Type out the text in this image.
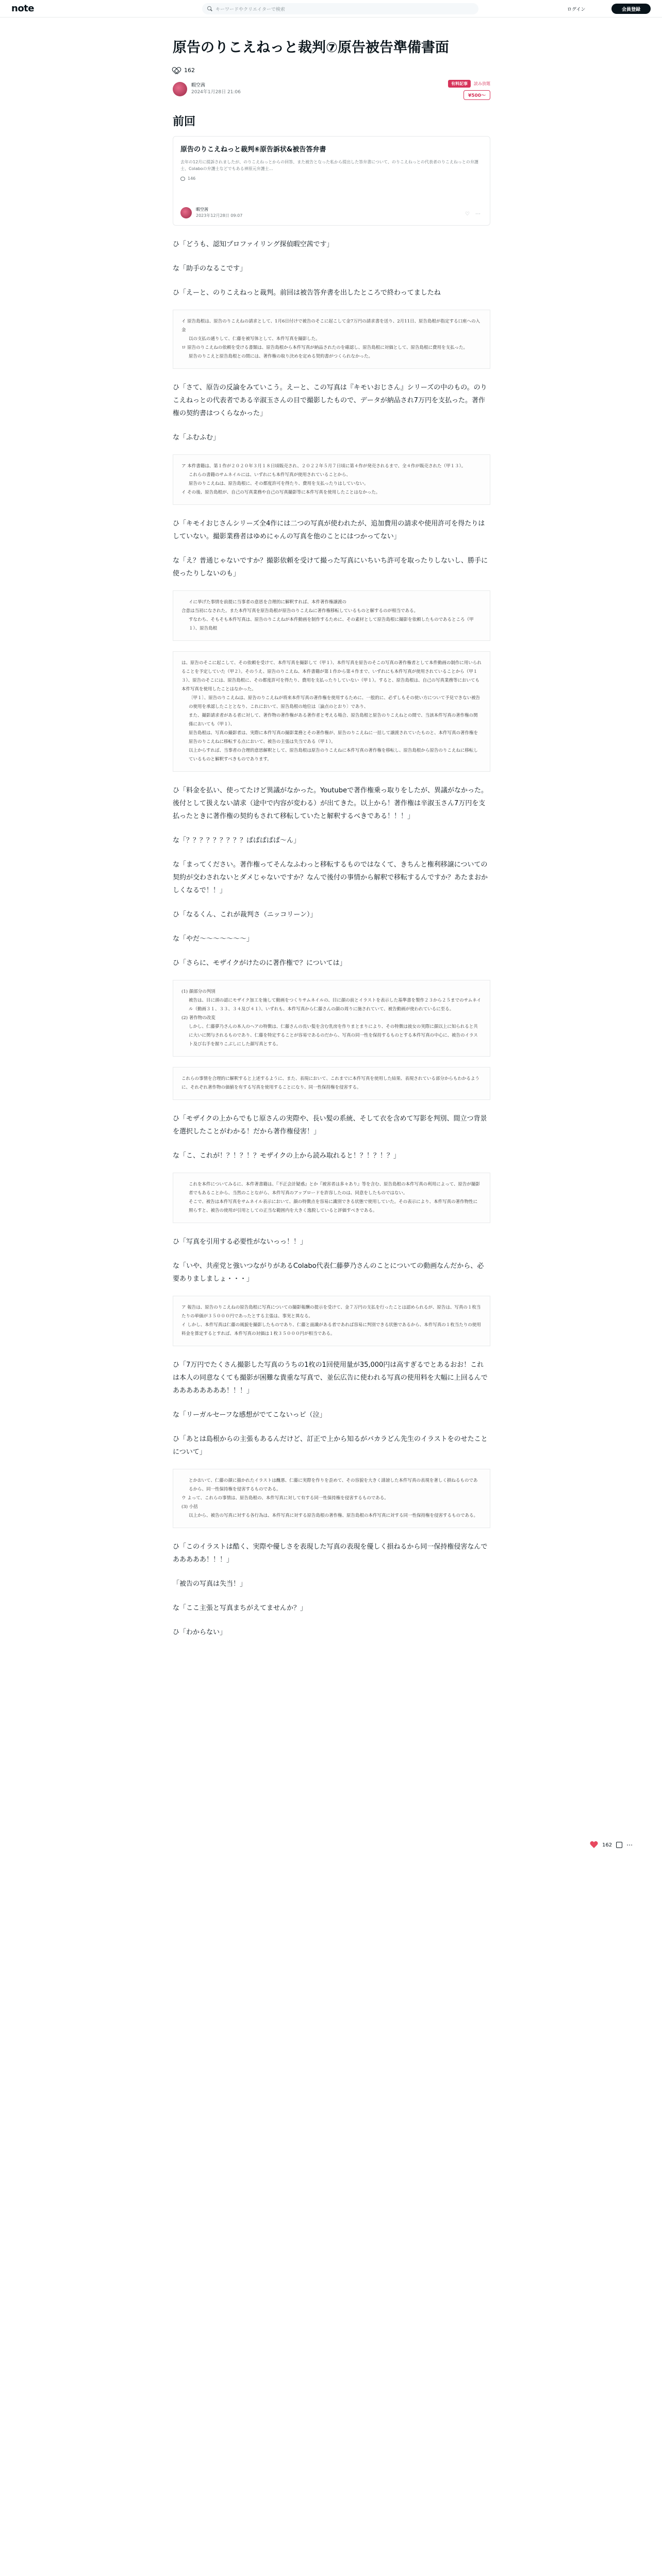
note	キーワードやクリエイターで検索	ログイン	会員登録
原告のりこえねっと裁判⑦原告被告準備書面
162
暇空茜
2024年1月28日 21:06
有料記事	読み放題
¥500〜
前回
原告のりこえねっと裁判⑥原告訴状&被告答弁書
去年の12月に提訴されましたが、のりこえねっとからの回答、また被告となった私から提出した答弁書について、のりこえねっとの代表者のりこえねっとの弁護士、Colaboの弁護士などでもある神原元弁護士…
146
暇空茜
2023年12月28日 09:07	♡ ⋯

ひ「どうも、認知プロファイリング探偵暇空茜です」

な「助手のなるこです」

ひ「えーと、のりこえねっと裁判。前回は被告答弁書を出したところで終わってましたね

イ 原告島根は、原告のりこえねの請求として、1月6日付けで被告のそこに起こして金7万円の請求書を送り、2月11日、原告島根が指定する口座への入金
以の支払の通りして、仁藤を被写体として、本件写真を撮影した。
ロ 原告のりこえねの依頼を受ける書類は、原告島根から本件写真が納品されたのを確認し、原告島根に対価として、原告島根に費用を支払った。
原告のりこえと原告島根との間には、著作権の取り決めを定める契約書がつくられなかった。

ひ「さて、原告の反論をみていこう。えーと、この写真は『キモいおじさん』シリーズの中のもの。のりこえねっとの代表者である辛淑玉さんの目で撮影したもので、データが納品され7万円を支払った。著作権の契約書はつくらなかった」

な「ふむふむ」

ア 本件書籍は、第１作が２０２０年３月１８日頃販売され、２０２２年５月７日頃に第４作が発売されるまで、全４作が販売された（甲１３）。
これらの書籍のサムネイルには、いずれにも本件写真が使用されていることから、
原告のりこえねは、原告島根に、その都度許可を得たり、費用を支払ったりはしていない。
イ その後、原告島根が、自己の写真業務や自己の写真撮影等に本件写真を使用したことはなかった。

ひ「キモイおじさんシリーズ全4作には二つの写真が使われたが、追加費用の請求や使用許可を得たりはしていない。撮影業務者はゆめにゃんの写真を他のことにはつかってない」

な「え？普通じゃないですか？撮影依頼を受けて撮った写真にいちいち許可を取ったりしないし、勝手に使ったりしないのも」

イに挙げた事情を前提に当事者の意思を合理的に解釈すれば、本件著作権譲渡の
合意は当初になされた。また本件写真を原告島根が原告のりこえねに著作権移転しているものと解するのが相当である。
すなわち、そもそも本件写真は、原告のりこえねが本件動画を制作するために、その素材として原告島根に撮影を依頼したものであるところ（甲１）、原告島根
は、原告のそこに起こして、その依頼を受けて、本件写真を撮影して（甲１）、本件写真を原告のそこの写真の著作権者として本件動画の制作に用いられることを予定していた（甲２）。そのうえ、原告のりこえね、本件書籍が第１作から第４作まで、いずれにも本件写真が使用されていることから（甲１３）、原告のそこには、原告島根に、その都度許可を得たり、費用を支払ったりしていない（甲１）。すると、原告島根は、自己の写真業務等においても本件写真を使用したことはなかった。
〔甲１〕、原告のりこえねは、原告のりこえねが将来本件写真の著作権を使用するために、一般的に、必ずしもその使い方について予見できない被告の使用を承認したこととなり、これにおいて、原告島根の地位は〔論点のとおり〕であり、
また、撮影請求者がある者に対して、著作物の著作権がある著作者と考える場合、原告島根と原告のりこえねとの間で、当該本件写真の著作権の関係においても（甲１）、
原告島根は、写真の撮影者は、実際に本件写真の撮影業務とその著作権が、原告のりこえねに一括して譲渡されていたものと、本件写真の著作権を原告のりこえねに移転する点において、被告の主張は失当である（甲１）。
以上からすれば、当事者の合理的意思解釈として、原告島根は原告のりこえねに本件写真の著作権を移転し、原告島根から原告のりこえねに移転しているものと解釈すべきものであります。

ひ「料金を払い、使ってたけど異議がなかった。Youtubeで著作権乗っ取りをしたが、異議がなかった。後付として扱えない請求（途中で内容が変わる）が出てきた。以上から！著作権は辛淑玉さん7万円を支払ったときに著作権の契約もされて移転していたと解釈するべきである！！！」

な「？？？？？？？？？ぱぱぱぱぱ〜ん」

な「まってください。著作権ってそんなふわっと移転するものではなくて、きちんと権利移譲についての契約が交わされないとダメじゃないですか？なんで後付の事情から解釈で移転するんですか？あたまおかしくなるで！！」

ひ「なるくん、これが裁判さ（ニッコリーン）」

な「やだ〜〜〜〜〜〜〜」

ひ「さらに、モザイクがけたのに著作権で？については」

(1) 顔部分の判別
被告は、目に頭の認にモザイク加工を施して動画をつくりサムネイルの、目に顔の前とイラストを表示した基準書を製作２３から２５までのサムネイル（動画３１、３３、３４及び４１）、いずれも、本件写真から仁藤さんの顔の周りに施されていて、被告動画が使われているに至る。
(2) 著作物の改変
しかし、仁藤夢乃さんの本人のヘアの特徴は、仁藤さんの長い髪を含む乳房を作りまとまりにより、その特徴は彼女の実際に顔以上に知られると共に大いに関与されるものであり、仁藤を特定することが容易であるのだから、写真の同一性を保持するものとする本件写真の中心に、被告のイラスト及び右手を握りこぶしにした顔写真とする。
これらの事情を合理的に解釈すると上述するように、また、表現において、これまでに本件写真を使用した結果、表現されている部分からもわかるように、それぞれ著作物の価値を有する写真を使用することになり、同一性保持権を侵害する。

ひ「モザイクの上からでもじ原さんの実際や、長い髪の系統、そして衣を含めて写影を判別、間立つ背景を選択したことがわかる！だから著作権侵害！」

な「こ、これが！？！？！？モザイクの上から読み取れると！？！？！？」

これを本件についてみるに、本件著書籍は、『不正会計疑惑』とか『被害者は多々あり』等を含む、原告島根の本件写真の利用によって、原告が撮影者でもあることから、当然のことながら、本件写真のアップロードを許容したのは、同意をしたものではない。
そこで、被告は本件写真をサムネイル表示において、顔の特徴点を容易に識別できる状態で使用していた。その表示により、本件写真の著作物性に照らすと、被告の使用が引用としての正当な範囲内を大きく逸脱していると評価すべきである。

ひ「写真を引用する必要性がないっっ！！」

な「いや、共産党と強いつながりがあるColabo代表仁藤夢乃さんのことについての動画なんだから、必要ありましましょ・・・」

ア 報告は、原告のりこえねの原告島根に写真についての撮影報酬の提示を受けて、金７万円の支払を行ったことは認められるが、原告は、写真の１枚当たりの単価が３５０００円であったとする主張は、事実と異なる。
イ しかし、本件写真は仁藤の風貌を撮影したものであり、仁藤と面識がある者であれば容易に判別できる状態であるから、本件写真の１枚当たりの使用料金を算定するとすれば、本件写真の対価は１枚３５０００円が相当である。

ひ「7万円でたくさん撮影した写真のうちの1枚の1回使用量が35,000円は高すぎるでとあるおお！これは本人の同意なくても撮影が困難な貴重な写真で、並伝広告に使われる写真の使用料を大幅に上回るんでああああああああ！！！」

な「リーガルセーフな感想がでてこないっピ（泣」

ひ「あとは島根からの主張もあるんだけど、訂正で上から知るがバカラどん先生のイラストをのせたことについて」

とかおいて、仁藤の顔に描かれたイラストは醜悪、仁藤に実際を作りを歪めて、その容貌を大きく誹謗した本件写真の表現を著しく損ねるものであるから、同一性保持権を侵害するものである。
ウ よって、これらの事情は、原告島根の、本件写真に対して有する同一性保持権を侵害するものである。
(3) 小括
以上から、被告の写真に対する各行為は、本件写真に対する原告島根の著作権、原告島根の本件写真に対する同一性保持権を侵害するものである。

ひ「このイラストは酷く、実際や優しさを表現した写真の表現を優しく損ねるから同一保持権侵害なんであああああ！！！」

「被告の写真は失当！」

な「ここ主張と写真まちがえてませんか？」

ひ「わからない」

162 ⋯
